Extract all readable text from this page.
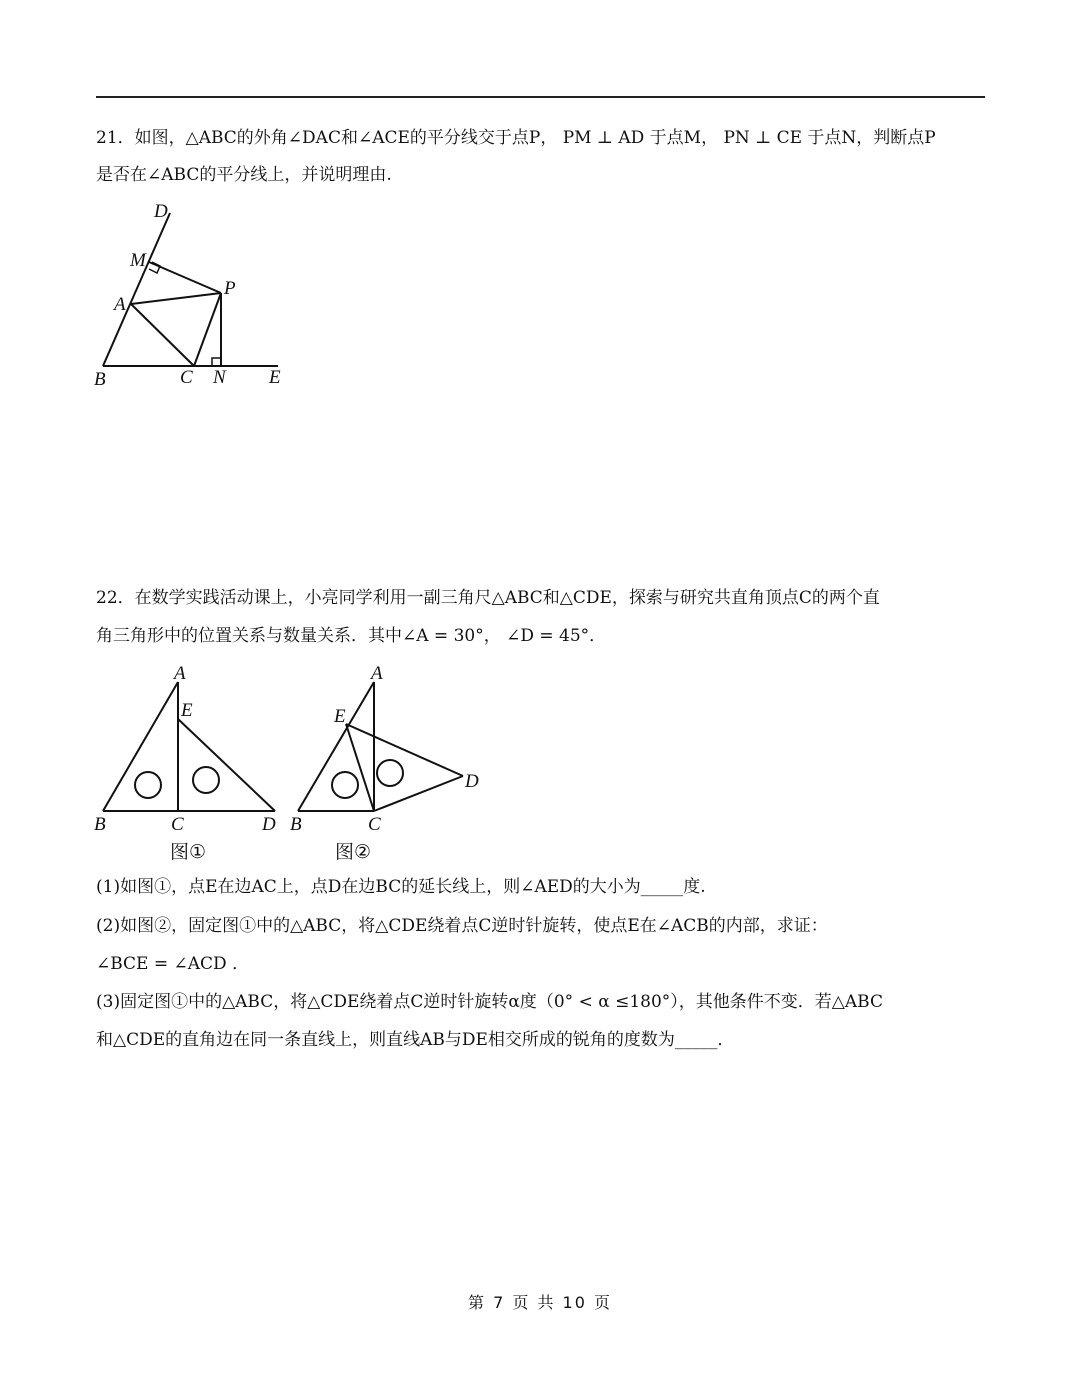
21．如图，△ABC的外角∠DAC和∠ACE的平分线交于点P， PM ⊥ AD 于点M， PN ⊥ CE 于点N，判断点P
是否在∠ABC的平分线上，并说明理由.
D
M
A
P
B	C N E
22．在数学实践活动课上，小亮同学利用一副三角尺△ABC和△CDE，探索与研究共直角顶点C的两个直
角三角形中的位置关系与数量关系．其中∠A = 30°， ∠D = 45°．
A
E
B	C	D
图①
A
E
D
B	C
图②
(1)如图①，点E在边AC上，点D在边BC的延长线上，则∠AED的大小为_____度.
(2)如图②，固定图①中的△ABC，将△CDE绕着点C逆时针旋转，使点E在∠ACB的内部，求证：
∠BCE = ∠ACD ．
(3)固定图①中的△ABC，将△CDE绕着点C逆时针旋转α度（0° < α ≤180°），其他条件不变．若△ABC
和△CDE的直角边在同一条直线上，则直线AB与DE相交所成的锐角的度数为_____．
第 7 页 共 10 页
